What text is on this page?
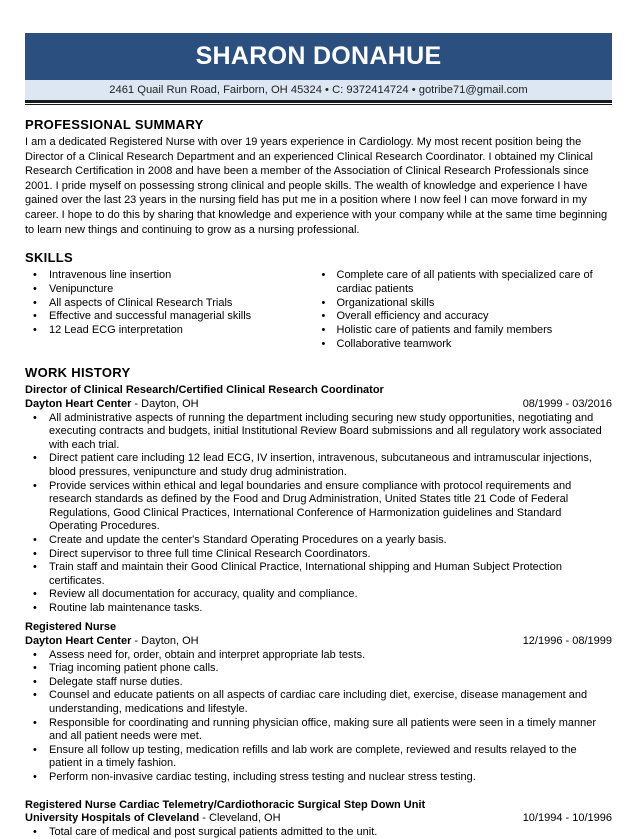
SHARON DONAHUE
2461 Quail Run Road, Fairborn, OH 45324 • C: 9372414724 • gotribe71@gmail.com
PROFESSIONAL SUMMARY

I am a dedicated Registered Nurse with over 19 years experience in Cardiology. My most recent position being the Director of a Clinical Research Department and an experienced Clinical Research Coordinator. I obtained my Clinical Research Certification in 2008 and have been a member of the Association of Clinical Research Professionals since 2001. I pride myself on possessing strong clinical and people skills. The wealth of knowledge and experience I have gained over the last 23 years in the nursing field has put me in a position where I now feel I can move forward in my career. I hope to do this by sharing that knowledge and experience with your company while at the same time beginning to learn new things and continuing to grow as a nursing professional.

SKILLS
• Intravenous line insertion
• Venipuncture
• All aspects of Clinical Research Trials
• Effective and successful managerial skills
• 12 Lead ECG interpretation
• Complete care of all patients with specialized care of cardiac patients
• Organizational skills
• Overall efficiency and accuracy
• Holistic care of patients and family members
• Collaborative teamwork
WORK HISTORY
Director of Clinical Research/Certified Clinical Research Coordinator
Dayton Heart Center - Dayton, OH	08/1999 - 03/2016
• All administrative aspects of running the department including securing new study opportunities, negotiating and executing contracts and budgets, initial Institutional Review Board submissions and all regulatory work associated with each trial.
• Direct patient care including 12 lead ECG, IV insertion, intravenous, subcutaneous and intramuscular injections, blood pressures, venipuncture and study drug administration.
• Provide services within ethical and legal boundaries and ensure compliance with protocol requirements and research standards as defined by the Food and Drug Administration, United States title 21 Code of Federal Regulations, Good Clinical Practices, International Conference of Harmonization guidelines and Standard Operating Procedures.
• Create and update the center's Standard Operating Procedures on a yearly basis.
• Direct supervisor to three full time Clinical Research Coordinators.
• Train staff and maintain their Good Clinical Practice, International shipping and Human Subject Protection certificates.
• Review all documentation for accuracy, quality and compliance.
• Routine lab maintenance tasks.
Registered Nurse
Dayton Heart Center - Dayton, OH	12/1996 - 08/1999
• Assess need for, order, obtain and interpret appropriate lab tests.
• Triag incoming patient phone calls.
• Delegate staff nurse duties.
• Counsel and educate patients on all aspects of cardiac care including diet, exercise, disease management and understanding, medications and lifestyle.
• Responsible for coordinating and running physician office, making sure all patients were seen in a timely manner and all patient needs were met.
• Ensure all follow up testing, medication refills and lab work are complete, reviewed and results relayed to the patient in a timely fashion.
• Perform non-invasive cardiac testing, including stress testing and nuclear stress testing.
Registered Nurse Cardiac Telemetry/Cardiothoracic Surgical Step Down Unit
University Hospitals of Cleveland - Cleveland, OH	10/1994 - 10/1996
• Total care of medical and post surgical patients admitted to the unit.
